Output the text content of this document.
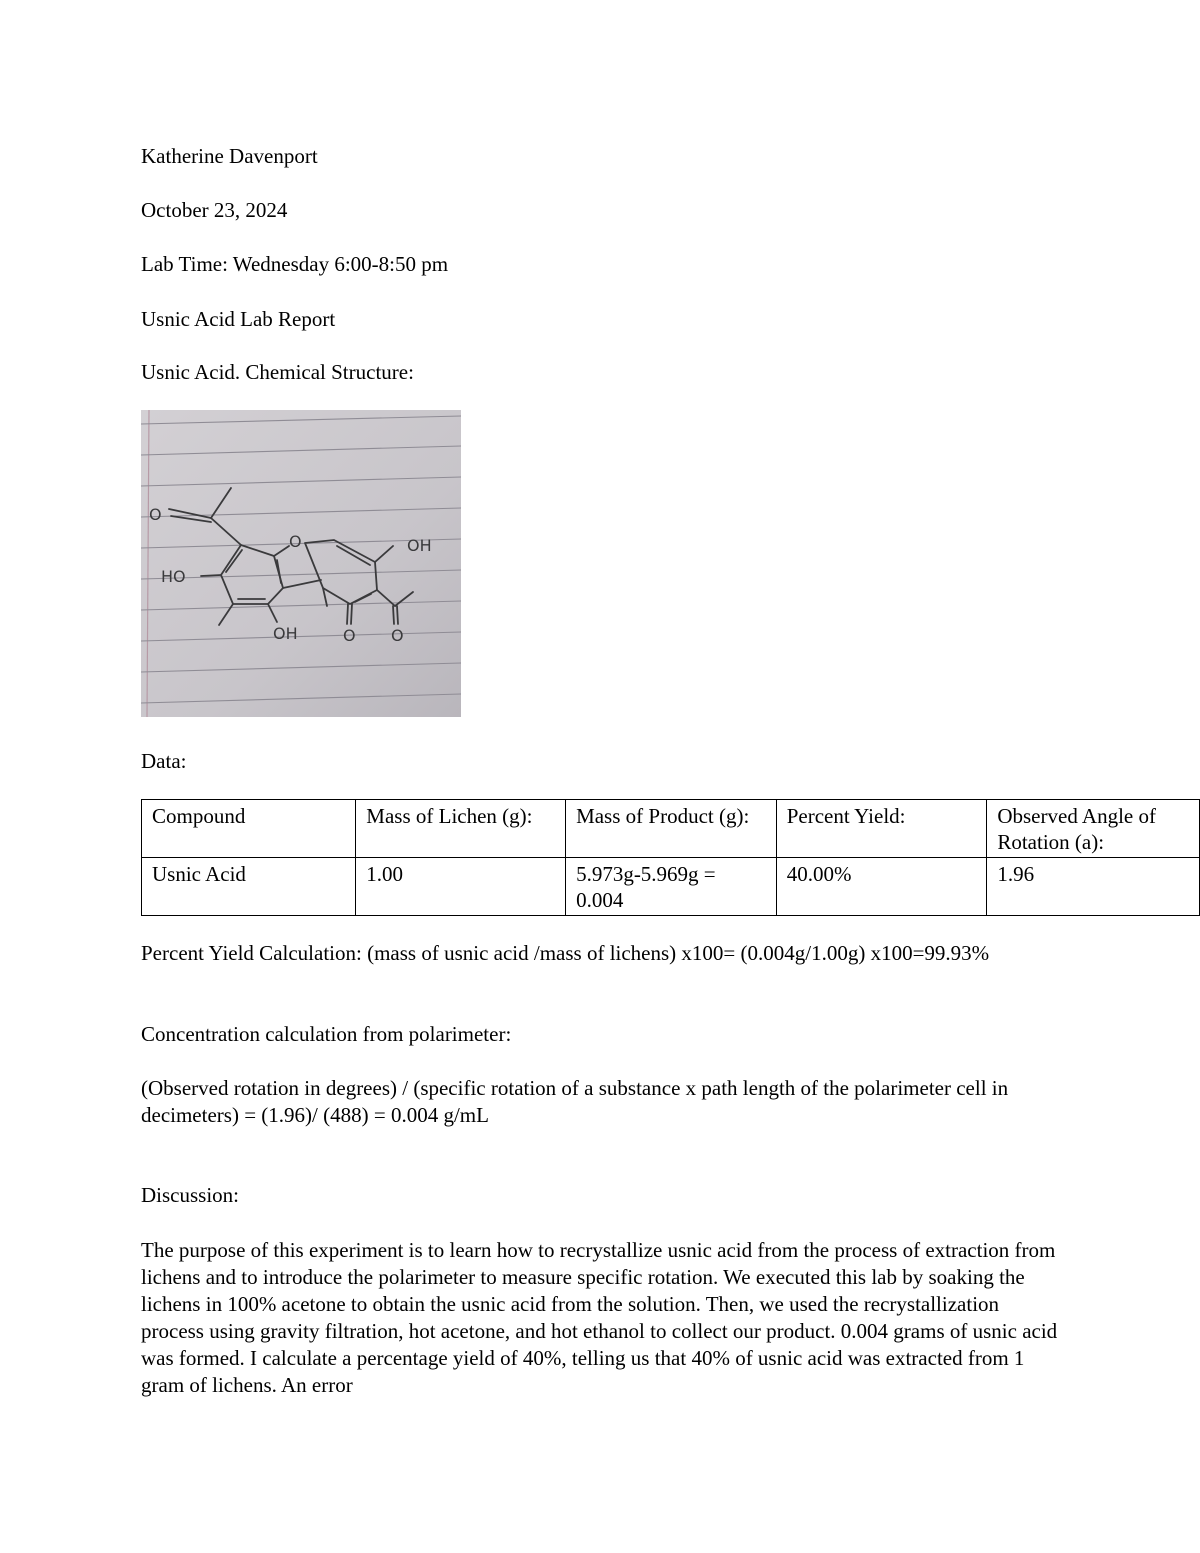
Katherine Davenport
October 23, 2024
Lab Time: Wednesday 6:00-8:50 pm
Usnic Acid Lab Report
Usnic Acid. Chemical Structure:
O
HO
O	OH
OH	O O
Data:
Compound	Mass of Lichen (g):	Mass of Product (g):	Percent Yield:	Observed Angle of Rotation (a):
Usnic Acid	1.00	5.973g-5.969g = 0.004	40.00%	1.96
Percent Yield Calculation: (mass of usnic acid /mass of lichens) x100= (0.004g/1.00g) x100=99.93%
Concentration calculation from polarimeter:
(Observed rotation in degrees) / (specific rotation of a substance x path length of the polarimeter cell in decimeters) = (1.96)/ (488) = 0.004 g/mL
Discussion:
The purpose of this experiment is to learn how to recrystallize usnic acid from the process of extraction from lichens and to introduce the polarimeter to measure specific rotation. We executed this lab by soaking the lichens in 100% acetone to obtain the usnic acid from the solution. Then, we used the recrystallization process using gravity filtration, hot acetone, and hot ethanol to collect our product. 0.004 grams of usnic acid was formed. I calculate a percentage yield of 40%, telling us that 40% of usnic acid was extracted from 1 gram of lichens. An error
